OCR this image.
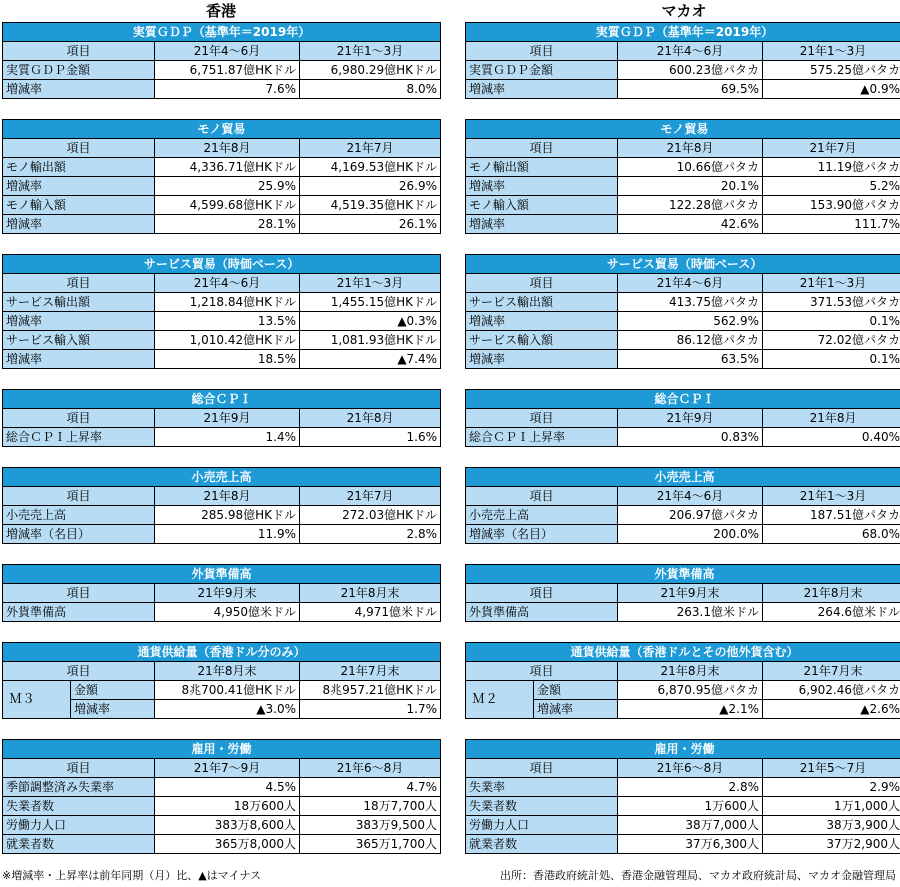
香港
実質ＧＤＰ（基準年＝2019年）		
項目	21年4～6月	21年1～3月
実質ＧＤＰ金額	6,751.87億HKドル	6,980.29億HKドル
増減率	7.6%	8.0%
モノ貿易		
項目	21年8月	21年7月
モノ輸出額	4,336.71億HKドル	4,169.53億HKドル
増減率	25.9%	26.9%
モノ輸入額	4,599.68億HKドル	4,519.35億HKドル
増減率	28.1%	26.1%
サービス貿易（時価ベース）		
項目	21年4～6月	21年1～3月
サービス輸出額	1,218.84億HKドル	1,455.15億HKドル
増減率	13.5%	▲0.3%
サービス輸入額	1,010.42億HKドル	1,081.93億HKドル
増減率	18.5%	▲7.4%
総合ＣＰＩ		
項目	21年9月	21年8月
総合ＣＰＩ上昇率	1.4%	1.6%
小売売上高		
項目	21年8月	21年7月
小売売上高	285.98億HKドル	272.03億HKドル
増減率（名目）	11.9%	2.8%
外貨準備高		
項目	21年9月末	21年8月末
外貨準備高	4,950億米ドル	4,971億米ドル
通貨供給量（香港ドル分のみ）			
項目		21年8月末	21年7月末
Ｍ３	金額	8兆700.41億HKドル	8兆957.21億HKドル
	増減率	▲3.0%	1.7%
雇用・労働		
項目	21年7～9月	21年6～8月
季節調整済み失業率	4.5%	4.7%
失業者数	18万600人	18万7,700人
労働力人口	383万8,600人	383万9,500人
就業者数	365万8,000人	365万1,700人
マカオ
実質ＧＤＰ（基準年＝2019年）		
項目	21年4～6月	21年1～3月
実質ＧＤＰ金額	600.23億パタカ	575.25億パタカ
増減率	69.5%	▲0.9%
モノ貿易		
項目	21年8月	21年7月
モノ輸出額	10.66億パタカ	11.19億パタカ
増減率	20.1%	5.2%
モノ輸入額	122.28億パタカ	153.90億パタカ
増減率	42.6%	111.7%
サービス貿易（時価ベース）		
項目	21年4～6月	21年1～3月
サービス輸出額	413.75億パタカ	371.53億パタカ
増減率	562.9%	0.1%
サービス輸入額	86.12億パタカ	72.02億パタカ
増減率	63.5%	0.1%
総合ＣＰＩ		
項目	21年9月	21年8月
総合ＣＰＩ上昇率	0.83%	0.40%
小売売上高		
項目	21年4～6月	21年1～3月
小売売上高	206.97億パタカ	187.51億パタカ
増減率（名目）	200.0%	68.0%
外貨準備高		
項目	21年9月末	21年8月末
外貨準備高	263.1億米ドル	264.6億米ドル
通貨供給量（香港ドルとその他外貨含む）			
項目		21年8月末	21年7月末
Ｍ２	金額	6,870.95億パタカ	6,902.46億パタカ
	増減率	▲2.1%	▲2.6%
雇用・労働		
項目	21年6～8月	21年5～7月
失業率	2.8%	2.9%
失業者数	1万600人	1万1,000人
労働力人口	38万7,000人	38万3,900人
就業者数	37万6,300人	37万2,900人
※増減率・上昇率は前年同期（月）比、▲はマイナス	出所：香港政府統計処、香港金融管理局、マカオ政府統計局、マカオ金融管理局
